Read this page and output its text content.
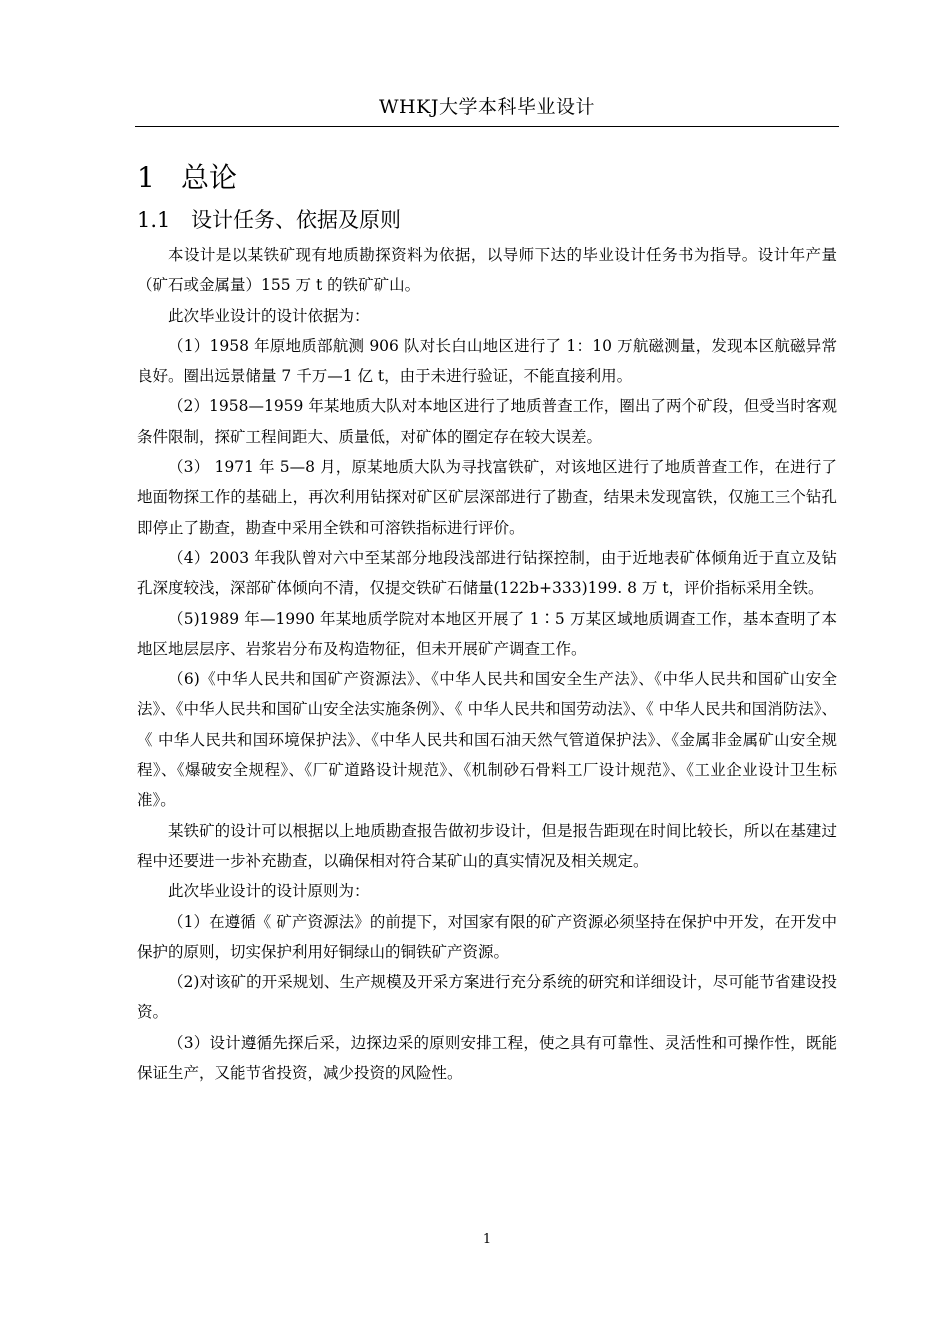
WHKJ大学本科毕业设计
1 总论
1.1 设计任务、依据及原则

本设计是以某铁矿现有地质勘探资料为依据，以导师下达的毕业设计任务书为指导。设计年产量（矿石或金属量）155 万 t 的铁矿矿山。

此次毕业设计的设计依据为：

（1）1958 年原地质部航测 906 队对长白山地区进行了 1：10 万航磁测量，发现本区航磁异常良好。圈出远景储量 7 千万—1 亿 t，由于未进行验证，不能直接利用。

（2）1958—1959 年某地质大队对本地区进行了地质普查工作，圈出了两个矿段，但受当时客观条件限制，探矿工程间距大、质量低，对矿体的圈定存在较大误差。

（3） 1971 年 5—8 月，原某地质大队为寻找富铁矿，对该地区进行了地质普查工作，在进行了地面物探工作的基础上，再次利用钻探对矿区矿层深部进行了勘查，结果未发现富铁，仅施工三个钻孔即停止了勘查，勘查中采用全铁和可溶铁指标进行评价。

（4）2003 年我队曾对六中至某部分地段浅部进行钻探控制，由于近地表矿体倾角近于直立及钻孔深度较浅，深部矿体倾向不清，仅提交铁矿石储量(122b+333)199. 8 万 t，评价指标采用全铁。

（5)1989 年—1990 年某地质学院对本地区开展了 1∶5 万某区域地质调查工作，基本查明了本地区地层层序、岩浆岩分布及构造物征，但未开展矿产调查工作。

（6)《中华人民共和国矿产资源法》、《中华人民共和国安全生产法》、《中华人民共和国矿山安全法》、《中华人民共和国矿山安全法实施条例》、《 中华人民共和国劳动法》、《 中华人民共和国消防法》、《 中华人民共和国环境保护法》、《中华人民共和国石油天然气管道保护法》、《金属非金属矿山安全规程》、《爆破安全规程》、《厂矿道路设计规范》、《机制砂石骨料工厂设计规范》、《工业企业设计卫生标准》。

某铁矿的设计可以根据以上地质勘查报告做初步设计，但是报告距现在时间比较长，所以在基建过程中还要进一步补充勘查，以确保相对符合某矿山的真实情况及相关规定。

此次毕业设计的设计原则为：

（1）在遵循《 矿产资源法》的前提下，对国家有限的矿产资源必须坚持在保护中开发，在开发中保护的原则，切实保护利用好铜绿山的铜铁矿产资源。

（2)对该矿的开采规划、生产规模及开采方案进行充分系统的研究和详细设计，尽可能节省建设投资。

（3）设计遵循先探后采，边探边采的原则安排工程，使之具有可靠性、灵活性和可操作性，既能保证生产，又能节省投资，减少投资的风险性。

1
